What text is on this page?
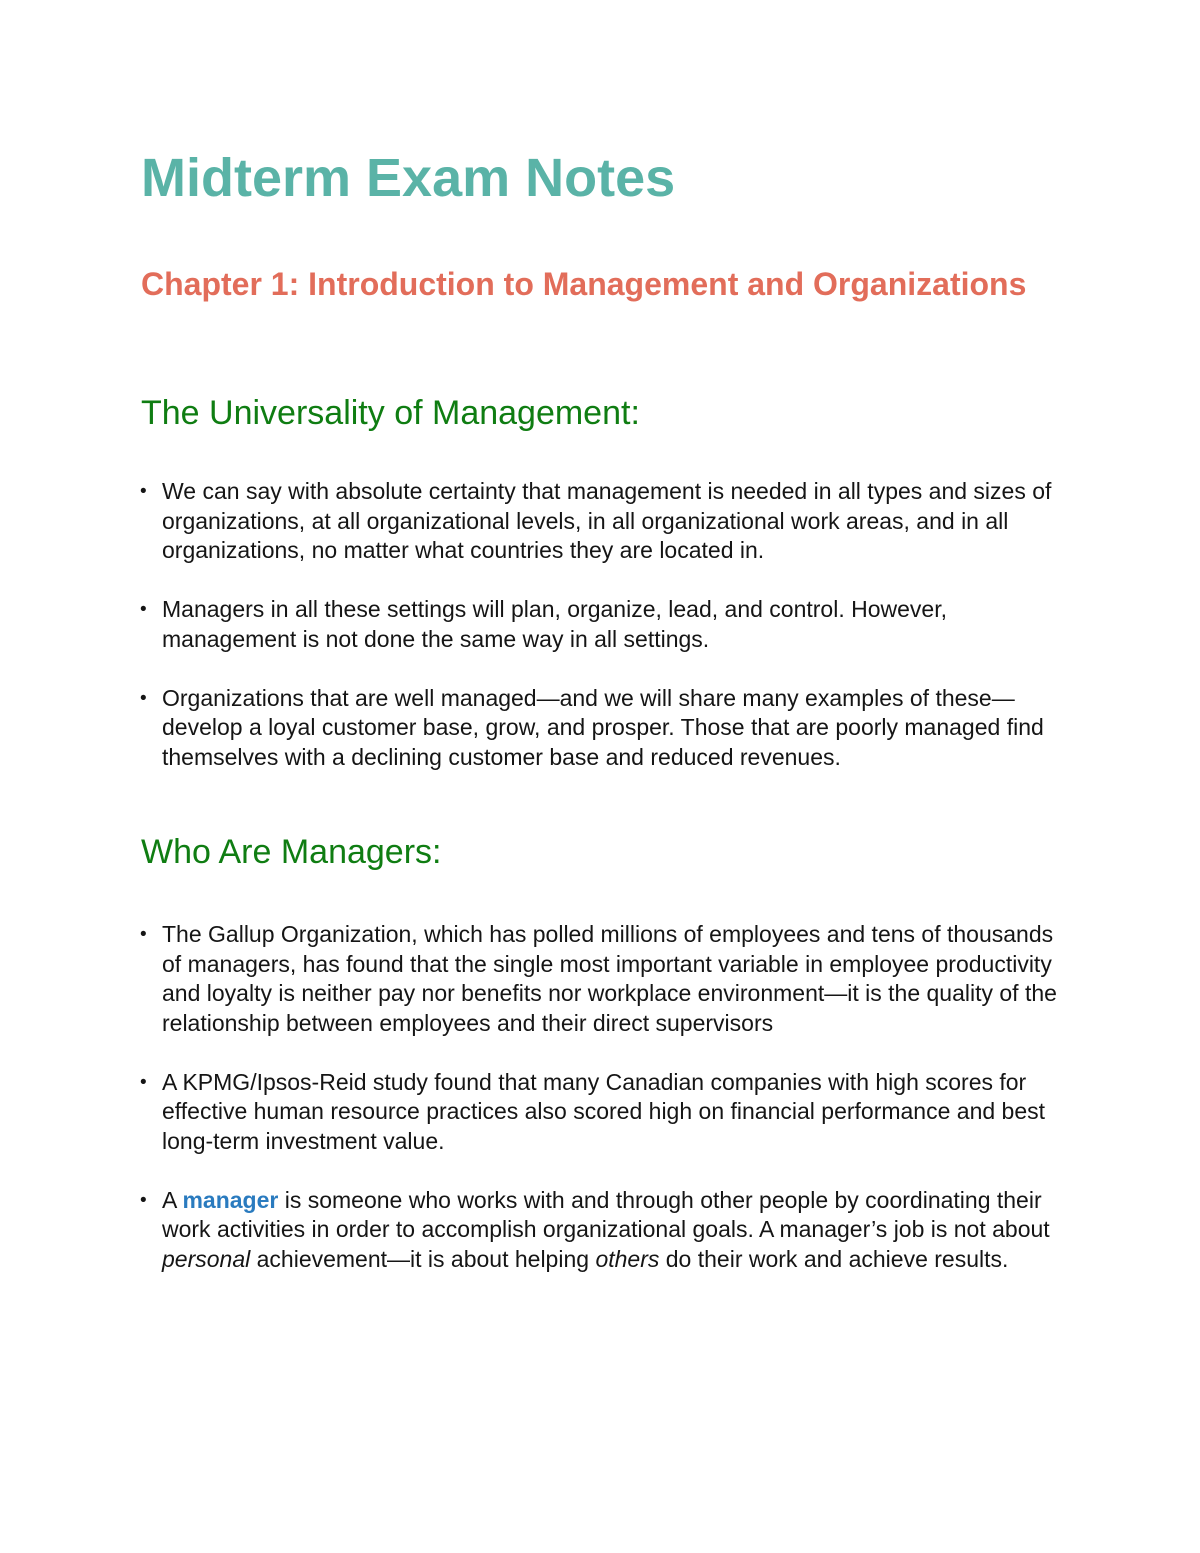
Midterm Exam Notes
Chapter 1: Introduction to Management and Organizations
The Universality of Management:
• We can say with absolute certainty that management is needed in all types and sizes of organizations, at all organizational levels, in all organizational work areas, and in all organizations, no matter what countries they are located in.
• Managers in all these settings will plan, organize, lead, and control. However, management is not done the same way in all settings.
• Organizations that are well managed—and we will share many examples of these—develop a loyal customer base, grow, and prosper. Those that are poorly managed find themselves with a declining customer base and reduced revenues.
Who Are Managers:
• The Gallup Organization, which has polled millions of employees and tens of thousands of managers, has found that the single most important variable in employee productivity and loyalty is neither pay nor benefits nor workplace environment—it is the quality of the relationship between employees and their direct supervisors
• A KPMG/Ipsos-Reid study found that many Canadian companies with high scores for effective human resource practices also scored high on financial performance and best long-term investment value.
• A manager is someone who works with and through other people by coordinating their work activities in order to accomplish organizational goals. A manager’s job is not about personal achievement—it is about helping others do their work and achieve results.
